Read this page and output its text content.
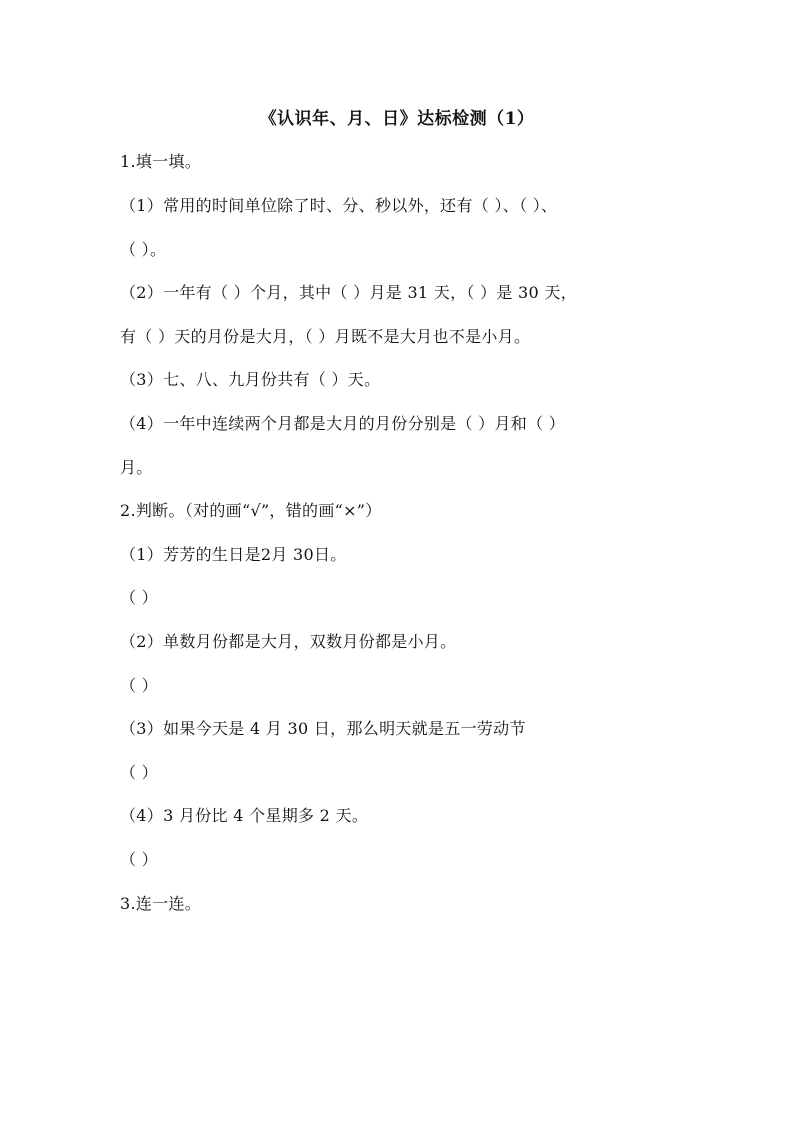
《认识年、月、日》达标检测（1）
1.填一填。
（1）常用的时间单位除了时、分、秒以外，还有（ ）、（ ）、
（ ）。
（2）一年有（ ）个月，其中（ ）月是 31 天，（ ）是 30 天，
有（ ）天的月份是大月，（ ）月既不是大月也不是小月。
（3）七、八、九月份共有（ ）天。
（4）一年中连续两个月都是大月的月份分别是（ ）月和（ ）
月。
2.判断。（对的画“√”，错的画“×”）
（1）芳芳的生日是2月 30日。
（ ）
（2）单数月份都是大月，双数月份都是小月。
（ ）
（3）如果今天是 4 月 30 日，那么明天就是五一劳动节
（ ）
（4）3 月份比 4 个星期多 2 天。
（ ）
3.连一连。
